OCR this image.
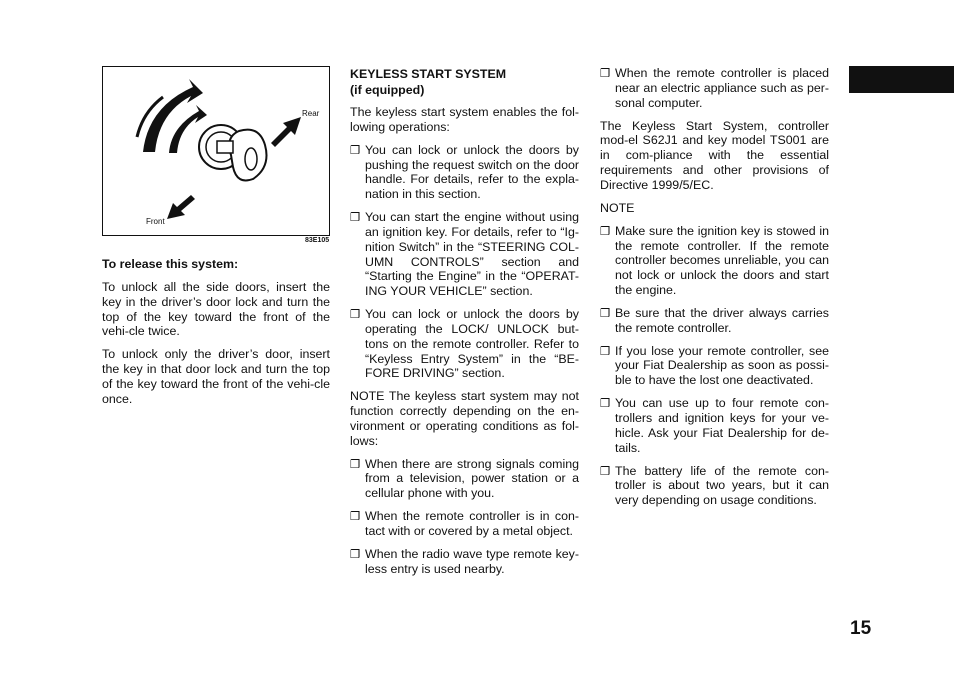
Rear
Front
83E105

To release this system:

To unlock all the side doors, insert the key in the driver’s door lock and turn the top of the key toward the front of the vehi-cle twice.

To unlock only the driver’s door, insert the key in that door lock and turn the top of the key toward the front of the vehi-cle once.

KEYLESS START SYSTEM
(if equipped)

The keyless start system enables the fol-lowing operations:

❐ You can lock or unlock the doors by pushing the request switch on the door handle. For details, refer to the expla-nation in this section.
❐ You can start the engine without using an ignition key. For details, refer to “Ig-nition Switch” in the “STEERING COL-UMN CONTROLS” section and “Starting the Engine” in the “OPERAT-ING YOUR VEHICLE” section.
❐ You can lock or unlock the doors by operating the LOCK/ UNLOCK but-tons on the remote controller. Refer to “Keyless Entry System” in the “BE-FORE DRIVING” section.

NOTE The keyless start system may not function correctly depending on the en-vironment or operating conditions as fol-lows:

❐ When there are strong signals coming from a television, power station or a cellular phone with you.
❐ When the remote controller is in con-tact with or covered by a metal object.
❐ When the radio wave type remote key-less entry is used nearby.
❐ When the remote controller is placed near an electric appliance such as per-sonal computer.

The Keyless Start System, controller mod-el S62J1 and key model TS001 are in com-pliance with the essential requirements and other provisions of Directive 1999/5/EC.

NOTE

❐ Make sure the ignition key is stowed in the remote controller. If the remote controller becomes unreliable, you can not lock or unlock the doors and start the engine.
❐ Be sure that the driver always carries the remote controller.
❐ If you lose your remote controller, see your Fiat Dealership as soon as possi-ble to have the lost one deactivated.
❐ You can use up to four remote con-trollers and ignition keys for your ve-hicle. Ask your Fiat Dealership for de-tails.
❐ The battery life of the remote con-troller is about two years, but it can very depending on usage conditions.
15
